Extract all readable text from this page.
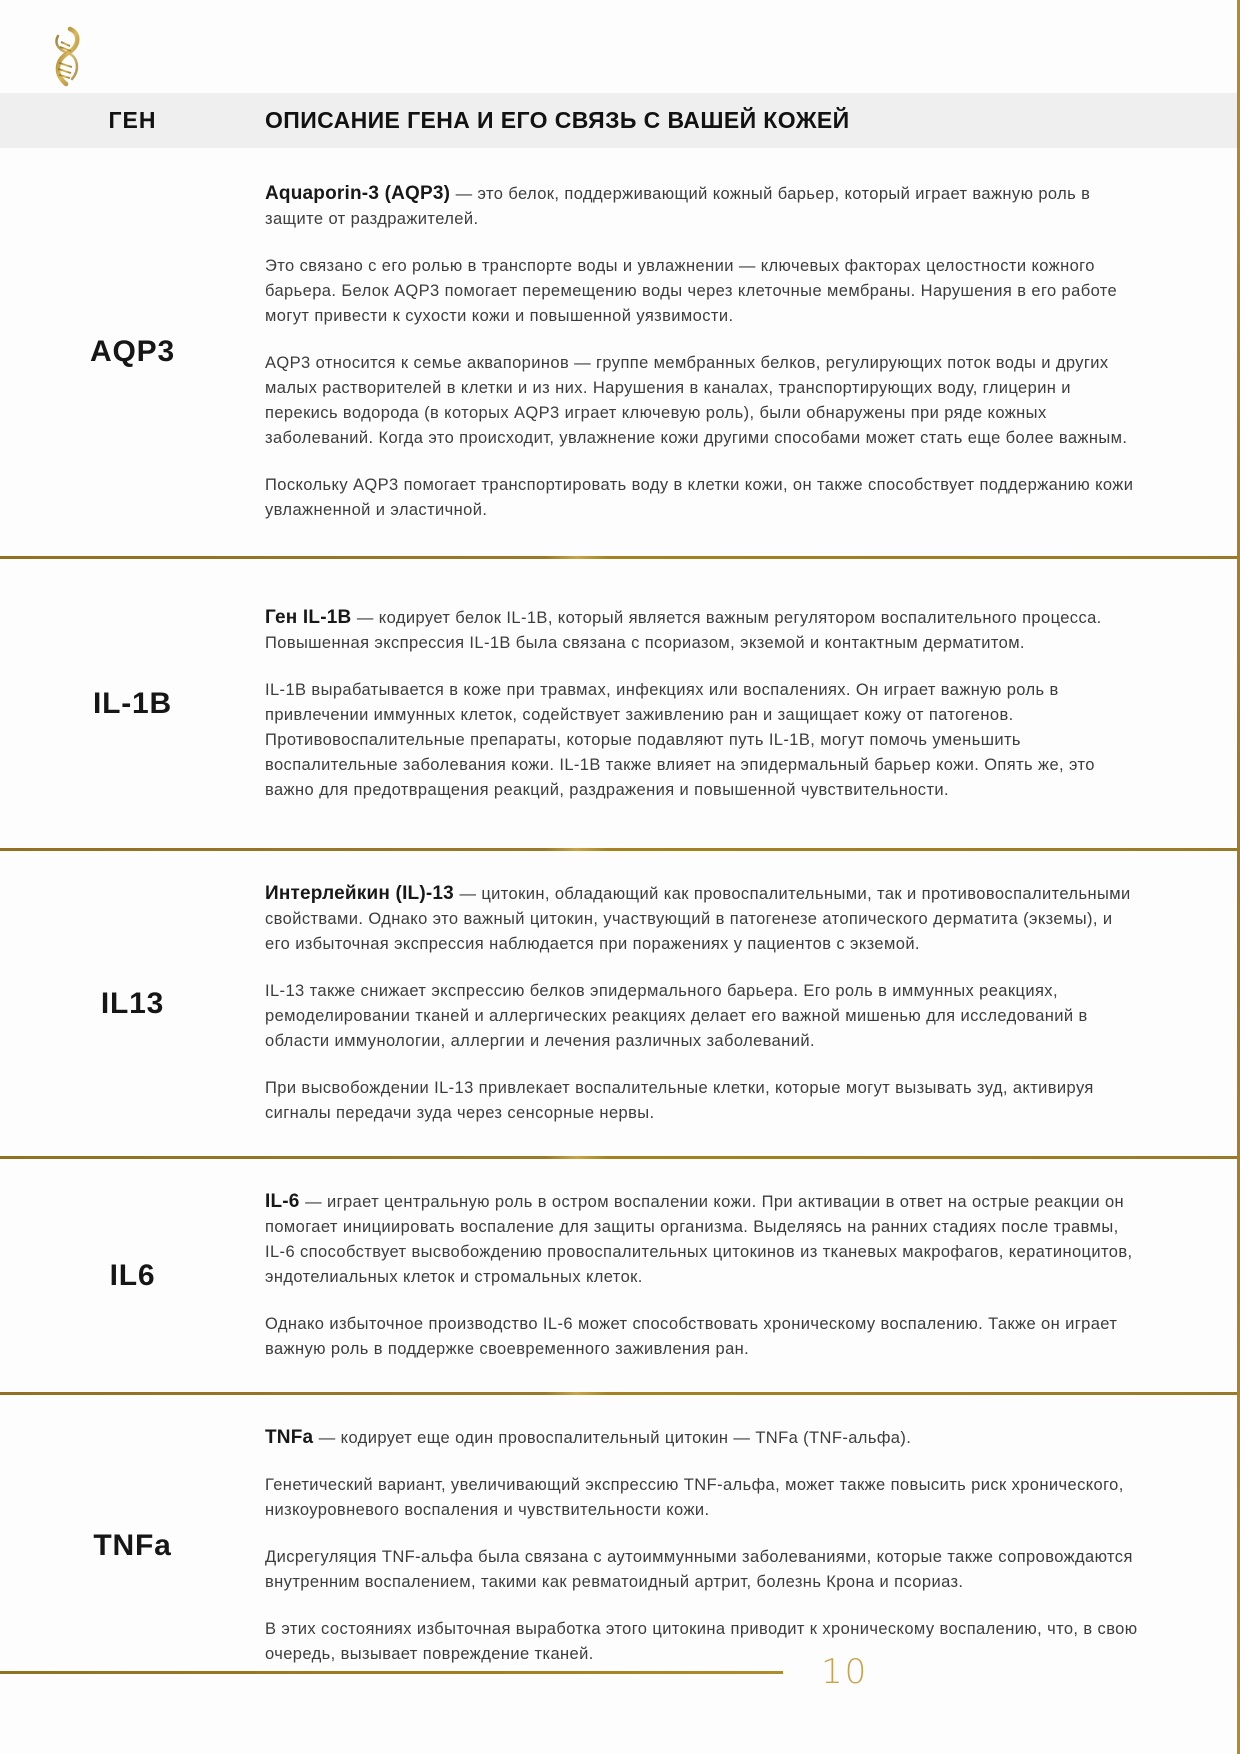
ГЕН	ОПИСАНИЕ ГЕНА И ЕГО СВЯЗЬ С ВАШЕЙ КОЖЕЙ
AQP3

Aquaporin-3 (AQP3) — это белок, поддерживающий кожный барьер, который играет важную роль в защите от раздражителей.

Это связано с его ролью в транспорте воды и увлажнении — ключевых факторах целостности кожного барьера. Белок AQP3 помогает перемещению воды через клеточные мембраны. Нарушения в его работе могут привести к сухости кожи и повышенной уязвимости.

AQP3 относится к семье аквапоринов — группе мембранных белков, регулирующих поток воды и других малых растворителей в клетки и из них. Нарушения в каналах, транспортирующих воду, глицерин и перекись водорода (в которых AQP3 играет ключевую роль), были обнаружены при ряде кожных заболеваний. Когда это происходит, увлажнение кожи другими способами может стать еще более важным.

Поскольку AQP3 помогает транспортировать воду в клетки кожи, он также способствует поддержанию кожи увлажненной и эластичной.

IL-1B

Ген IL-1B — кодирует белок IL-1B, который является важным регулятором воспалительного процесса. Повышенная экспрессия IL-1B была связана с псориазом, экземой и контактным дерматитом.

IL-1B вырабатывается в коже при травмах, инфекциях или воспалениях. Он играет важную роль в привлечении иммунных клеток, содействует заживлению ран и защищает кожу от патогенов. Противовоспалительные препараты, которые подавляют путь IL-1B, могут помочь уменьшить воспалительные заболевания кожи. IL-1B также влияет на эпидермальный барьер кожи. Опять же, это важно для предотвращения реакций, раздражения и повышенной чувствительности.

IL13

Интерлейкин (IL)-13 — цитокин, обладающий как провоспалительными, так и противовоспалительными свойствами. Однако это важный цитокин, участвующий в патогенезе атопического дерматита (экземы), и его избыточная экспрессия наблюдается при поражениях у пациентов с экземой.

IL-13 также снижает экспрессию белков эпидермального барьера. Его роль в иммунных реакциях, ремоделировании тканей и аллергических реакциях делает его важной мишенью для исследований в области иммунологии, аллергии и лечения различных заболеваний.

При высвобождении IL-13 привлекает воспалительные клетки, которые могут вызывать зуд, активируя сигналы передачи зуда через сенсорные нервы.

IL6

IL-6 — играет центральную роль в остром воспалении кожи. При активации в ответ на острые реакции он помогает инициировать воспаление для защиты организма. Выделяясь на ранних стадиях после травмы, IL-6 способствует высвобождению провоспалительных цитокинов из тканевых макрофагов, кератиноцитов, эндотелиальных клеток и стромальных клеток.

Однако избыточное производство IL-6 может способствовать хроническому воспалению. Также он играет важную роль в поддержке своевременного заживления ран.

TNFa

TNFa — кодирует еще один провоспалительный цитокин — TNFa (TNF-альфа).

Генетический вариант, увеличивающий экспрессию TNF-альфа, может также повысить риск хронического, низкоуровневого воспаления и чувствительности кожи.

Дисрегуляция TNF-альфа была связана с аутоиммунными заболеваниями, которые также сопровождаются внутренним воспалением, такими как ревматоидный артрит, болезнь Крона и псориаз.

В этих состояниях избыточная выработка этого цитокина приводит к хроническому воспалению, что, в свою очередь, вызывает повреждение тканей.	10
